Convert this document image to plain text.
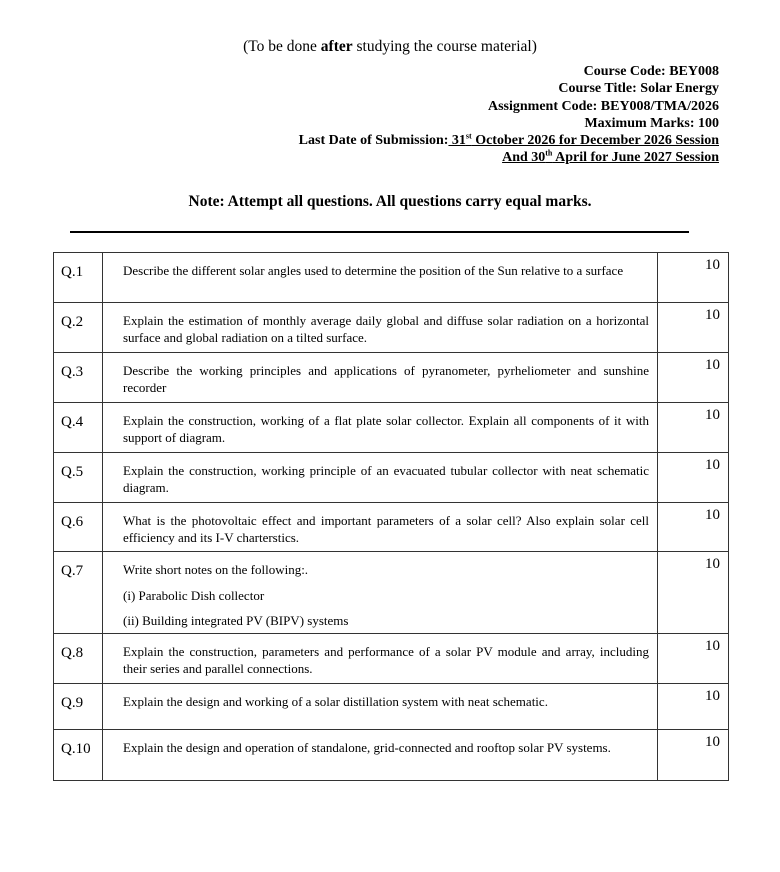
(To be done after studying the course material)
Course Code: BEY008
Course Title: Solar Energy
Assignment Code: BEY008/TMA/2026
Maximum Marks: 100
Last Date of Submission: 31st October 2026 for December 2026 Session
And 30th April for June 2027 Session
Note: Attempt all questions. All questions carry equal marks.
Q.1	Describe the different solar angles used to determine the position of the Sun relative to a surface	10
Q.2	Explain the estimation of monthly average daily global and diffuse solar radiation on a horizontal surface and global radiation on a tilted surface.	10
Q.3	Describe the working principles and applications of pyranometer, pyrheliometer and sunshine recorder	10
Q.4	Explain the construction, working of a flat plate solar collector. Explain all components of it with support of diagram.	10
Q.5	Explain the construction, working principle of an evacuated tubular collector with neat schematic diagram.	10
Q.6	What is the photovoltaic effect and important parameters of a solar cell? Also explain solar cell efficiency and its I-V charterstics.	10
Q.7	Write short notes on the following:.
(i) Parabolic Dish collector
(ii) Building integrated PV (BIPV) systems	10
Q.8	Explain the construction, parameters and performance of a solar PV module and array, including their series and parallel connections.	10
Q.9	Explain the design and working of a solar distillation system with neat schematic.	10
Q.10	Explain the design and operation of standalone, grid-connected and rooftop solar PV systems.	10
